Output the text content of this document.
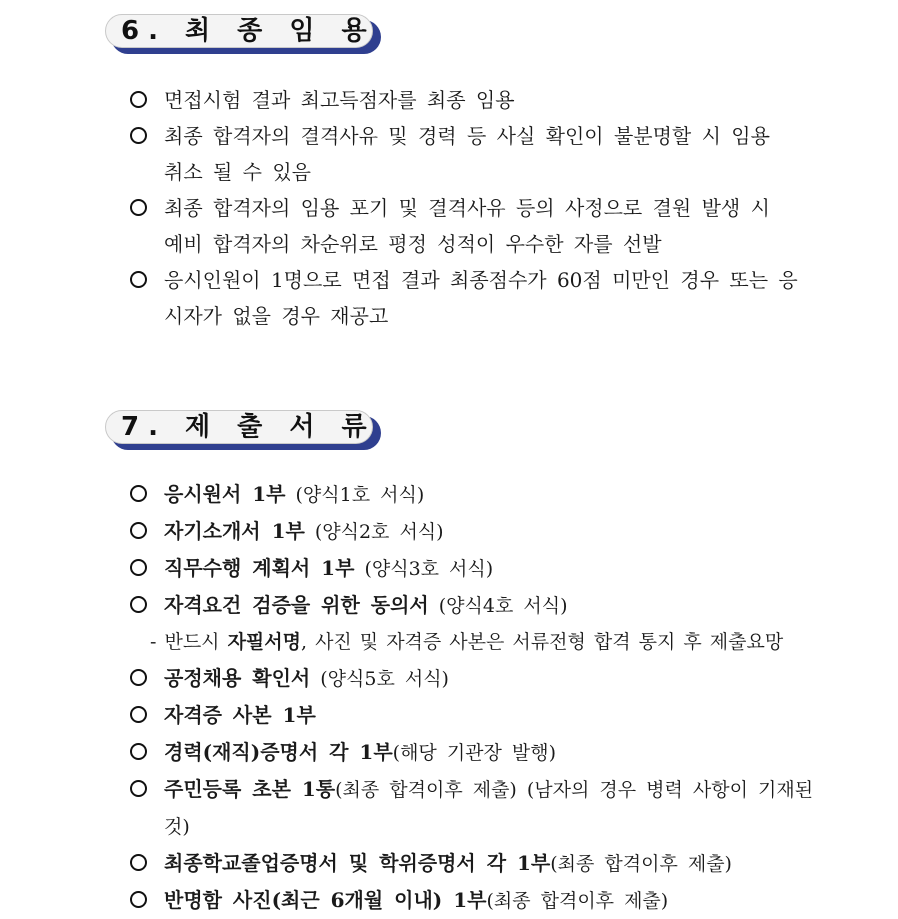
6. 최 종 임 용
면접시험 결과 최고득점자를 최종 임용
최종 합격자의 결격사유 및 경력 등 사실 확인이 불분명할 시 임용 취소 될 수 있음
최종 합격자의 임용 포기 및 결격사유 등의 사정으로 결원 발생 시 예비 합격자의 차순위로 평정 성적이 우수한 자를 선발
응시인원이 1명으로 면접 결과 최종점수가 60점 미만인 경우 또는 응시자가 없을 경우 재공고
7. 제 출 서 류
응시원서 1부 (양식1호 서식)
자기소개서 1부 (양식2호 서식)
직무수행 계획서 1부 (양식3호 서식)
자격요건 검증을 위한 동의서 (양식4호 서식)
- 반드시 자필서명, 사진 및 자격증 사본은 서류전형 합격 통지 후 제출요망
공정채용 확인서 (양식5호 서식)
자격증 사본 1부
경력(재직)증명서 각 1부(해당 기관장 발행)
주민등록 초본 1통(최종 합격이후 제출) (남자의 경우 병력 사항이 기재된 것)
최종학교졸업증명서 및 학위증명서 각 1부(최종 합격이후 제출)
반명함 사진(최근 6개월 이내) 1부(최종 합격이후 제출)
